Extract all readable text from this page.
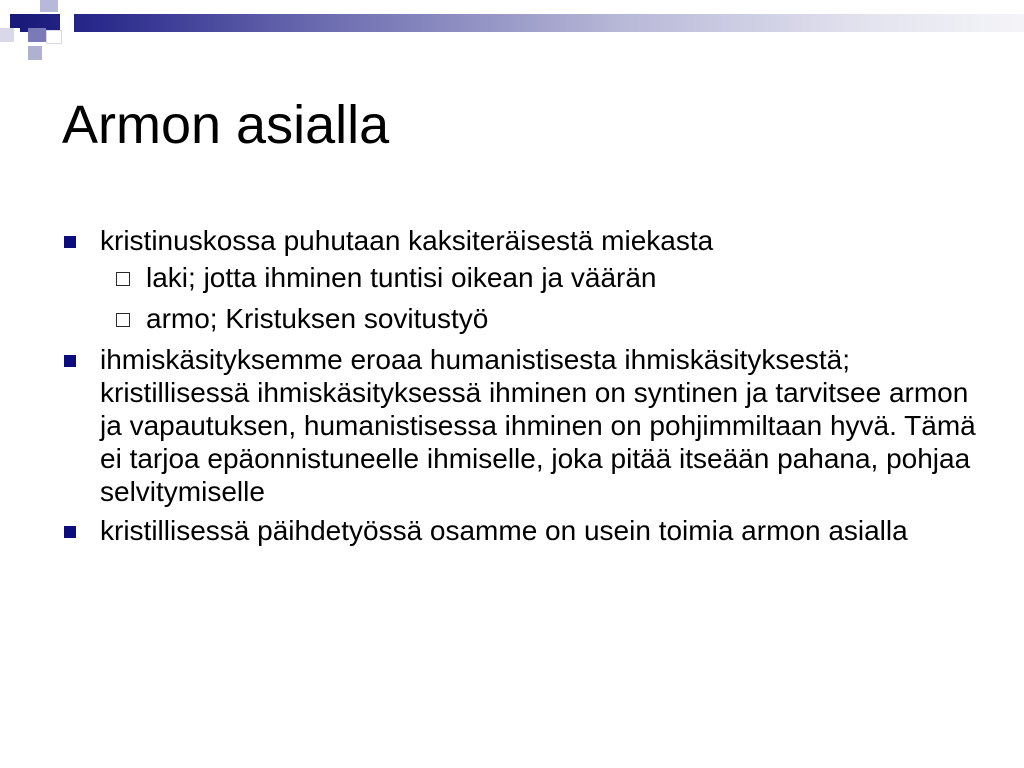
Armon asialla
kristinuskossa puhutaan kaksiteräisestä miekasta
laki; jotta ihminen tuntisi oikean ja väärän
armo; Kristuksen sovitustyö
ihmiskäsityksemme eroaa humanistisesta ihmiskäsityksestä; kristillisessä ihmiskäsityksessä ihminen on syntinen ja tarvitsee armon ja vapautuksen, humanistisessa ihminen on pohjimmiltaan hyvä. Tämä ei tarjoa epäonnistuneelle ihmiselle, joka pitää itseään pahana, pohjaa selvitymiselle
kristillisessä päihdetyössä osamme on usein toimia armon asialla
